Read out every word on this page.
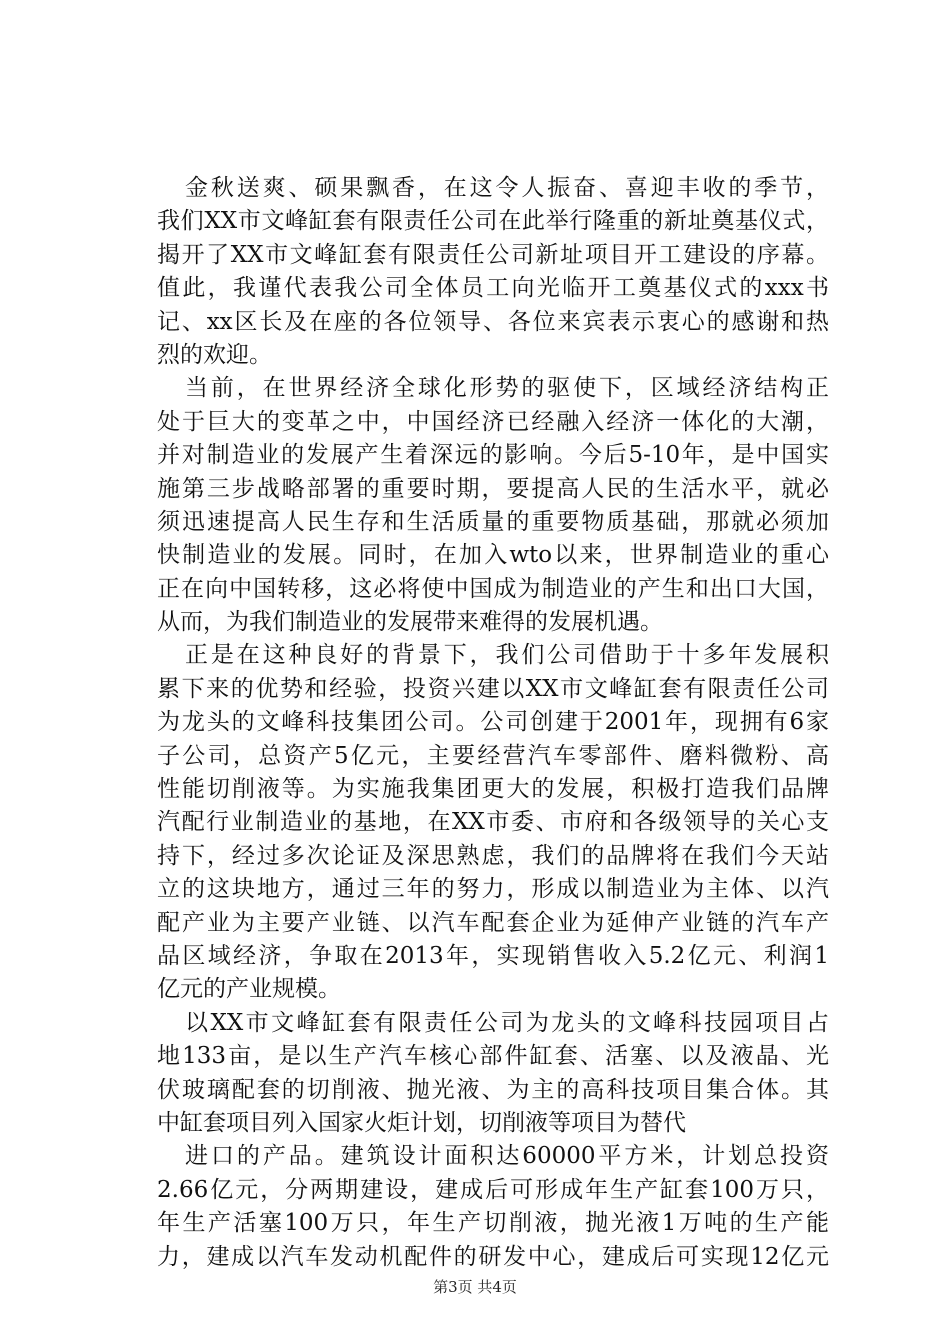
金秋送爽、硕果飘香，在这令人振奋、喜迎丰收的季节，
我们XX市文峰缸套有限责任公司在此举行隆重的新址奠基仪式，
揭开了XX市文峰缸套有限责任公司新址项目开工建设的序幕。
值此，我谨代表我公司全体员工向光临开工奠基仪式的xxx书
记、xx区长及在座的各位领导、各位来宾表示衷心的感谢和热
烈的欢迎。
当前，在世界经济全球化形势的驱使下，区域经济结构正
处于巨大的变革之中，中国经济已经融入经济一体化的大潮，
并对制造业的发展产生着深远的影响。今后5-10年，是中国实
施第三步战略部署的重要时期，要提高人民的生活水平，就必
须迅速提高人民生存和生活质量的重要物质基础，那就必须加
快制造业的发展。同时，在加入wto以来，世界制造业的重心
正在向中国转移，这必将使中国成为制造业的产生和出口大国，
从而，为我们制造业的发展带来难得的发展机遇。
正是在这种良好的背景下，我们公司借助于十多年发展积
累下来的优势和经验，投资兴建以XX市文峰缸套有限责任公司
为龙头的文峰科技集团公司。公司创建于2001年，现拥有6家
子公司，总资产5亿元，主要经营汽车零部件、磨料微粉、高
性能切削液等。为实施我集团更大的发展，积极打造我们品牌
汽配行业制造业的基地，在XX市委、市府和各级领导的关心支
持下，经过多次论证及深思熟虑，我们的品牌将在我们今天站
立的这块地方，通过三年的努力，形成以制造业为主体、以汽
配产业为主要产业链、以汽车配套企业为延伸产业链的汽车产
品区域经济，争取在2013年，实现销售收入5.2亿元、利润1
亿元的产业规模。
以XX市文峰缸套有限责任公司为龙头的文峰科技园项目占
地133亩，是以生产汽车核心部件缸套、活塞、以及液晶、光
伏玻璃配套的切削液、抛光液、为主的高科技项目集合体。其
中缸套项目列入国家火炬计划，切削液等项目为替代
进口的产品。建筑设计面积达60000平方米，计划总投资
2.66亿元，分两期建设，建成后可形成年生产缸套100万只，
年生产活塞100万只，年生产切削液，抛光液1万吨的生产能
力，建成以汽车发动机配件的研发中心，建成后可实现12亿元
第3页 共4页
